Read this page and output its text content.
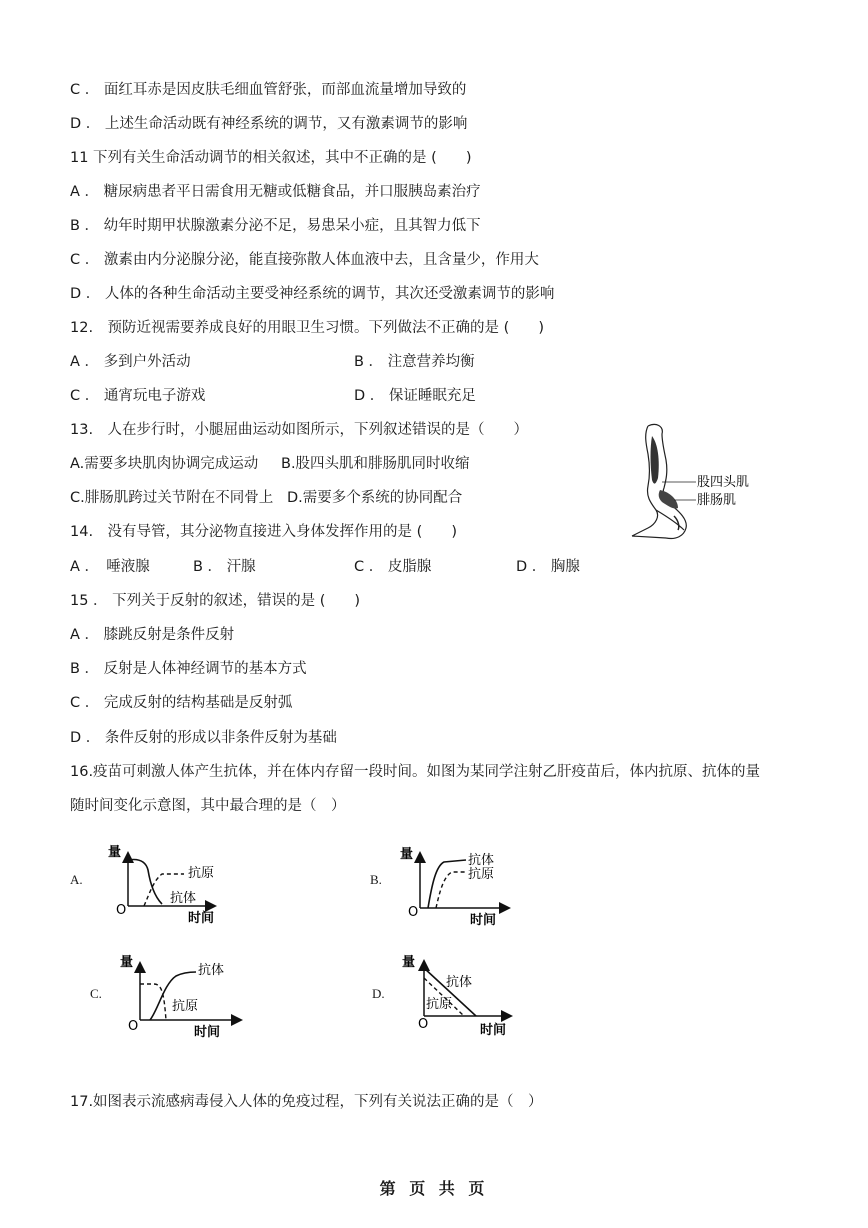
C ． 面红耳赤是因皮肤毛细血管舒张，而部血流量增加导致的
D ． 上述生命活动既有神经系统的调节，又有激素调节的影响
11 下列有关生命活动调节的相关叙述，其中不正确的是 (　　)
A ． 糖尿病患者平日需食用无糖或低糖食品，并口服胰岛素治疗
B ． 幼年时期甲状腺激素分泌不足，易患呆小症，且其智力低下
C ． 激素由内分泌腺分泌，能直接弥散人体血液中去，且含量少，作用大
D ． 人体的各种生命活动主要受神经系统的调节，其次还受激素调节的影响
12.　预防近视需要养成良好的用眼卫生习惯。下列做法不正确的是 (　　)
A ． 多到户外活动	B ． 注意营养均衡
C ． 通宵玩电子游戏	D ． 保证睡眠充足
13.　人在步行时，小腿屈曲运动如图所示，下列叙述错误的是（　　）
A.需要多块肌肉协调完成运动 B.股四头肌和腓肠肌同时收缩
C.腓肠肌跨过关节附在不同骨上 D.需要多个系统的协同配合
14.　没有导管，其分泌物直接进入身体发挥作用的是 (　　)
A ．　唾液腺	B ． 汗腺	C ． 皮脂腺	D ． 胸腺
15 ． 下列关于反射的叙述，错误的是 (　　)
A ． 膝跳反射是条件反射
B ． 反射是人体神经调节的基本方式
C ． 完成反射的结构基础是反射弧
D ． 条件反射的形成以非条件反射为基础
16.疫苗可刺激人体产生抗体，并在体内存留一段时间。如图为某同学注射乙肝疫苗后，体内抗原、抗体的量
随时间变化示意图，其中最合理的是（　）
17.如图表示流感病毒侵入人体的免疫过程，下列有关说法正确的是（　）
股四头肌
腓肠肌
A.
量
O
时间
抗原
抗体
B.
量
O
时间
抗体
抗原
C.
量
O	时间
抗体
抗原
D.
量
O	时间
抗体
抗原
第 页 共 页
